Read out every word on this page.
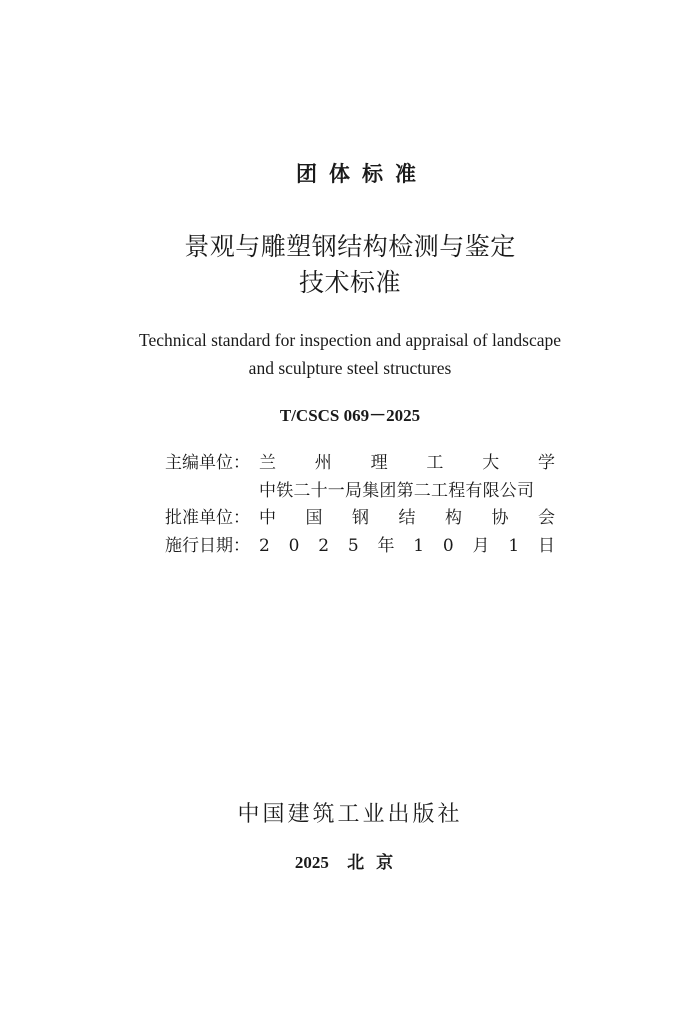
团体标准
景观与雕塑钢结构检测与鉴定
技术标准
Technical standard for inspection and appraisal of landscape
and sculpture steel structures
T/CSCS 069－2025
主编单位： 兰 州 理 工 大 学
中铁二十一局集团第二工程有限公司
批准单位： 中 国 钢 结 构 协 会
施行日期： 2 0 2 5 年 1 0 月 1 日
中国建筑工业出版社
2025 北京
